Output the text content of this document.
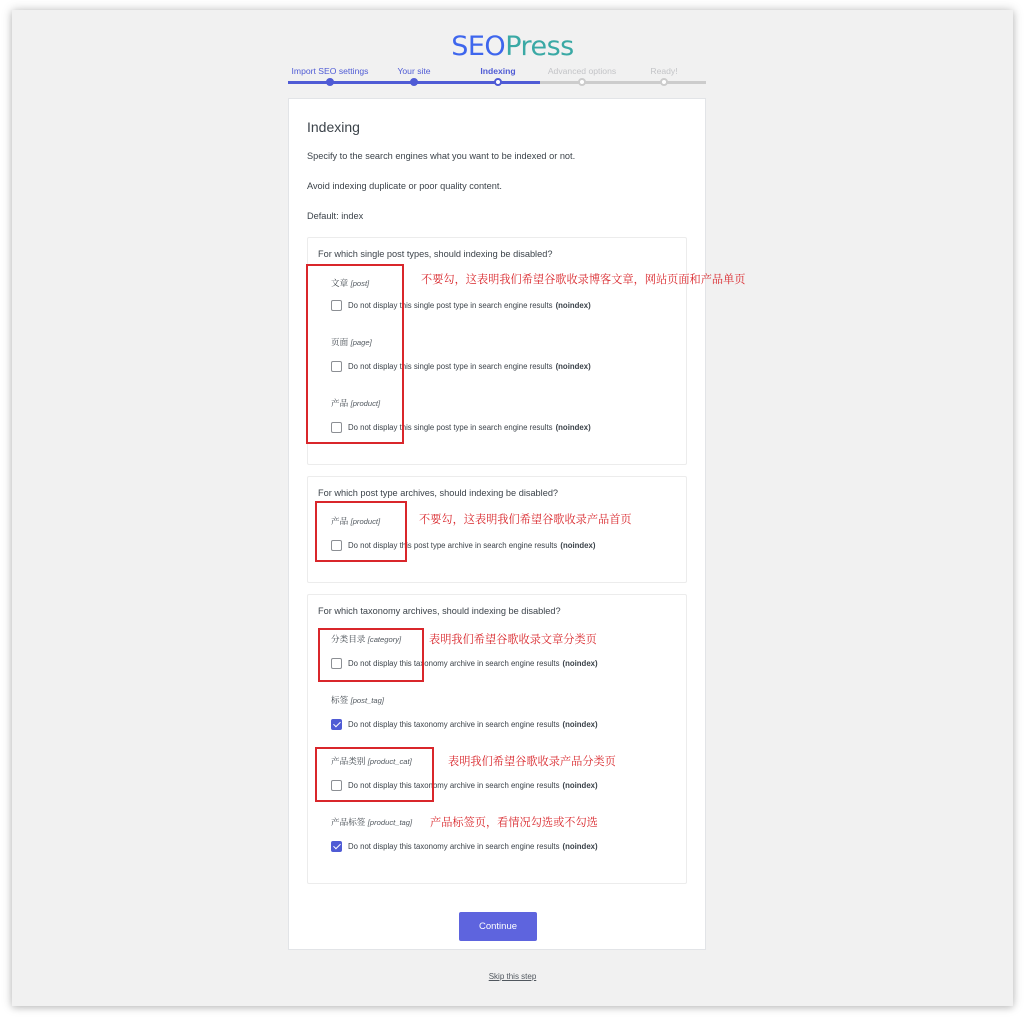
SEOPress
Import SEO settings	Your site	Indexing	Advanced options	Ready!
Indexing

Specify to the search engines what you want to be indexed or not.

Avoid indexing duplicate or poor quality content.

Default: index

For which single post types, should indexing be disabled?
文章 [post]
Do not display this single post type in search engine results (noindex)
页面 [page]
Do not display this single post type in search engine results (noindex)
产品 [product]
Do not display this single post type in search engine results (noindex)
For which post type archives, should indexing be disabled?
产品 [product]
Do not display this post type archive in search engine results (noindex)
For which taxonomy archives, should indexing be disabled?
分类目录 [category]
Do not display this taxonomy archive in search engine results (noindex)
标签 [post_tag]
Do not display this taxonomy archive in search engine results (noindex)
产品类别 [product_cat]
Do not display this taxonomy archive in search engine results (noindex)
产品标签 [product_tag]
Do not display this taxonomy archive in search engine results (noindex)
Continue
Skip this step
不要勾，这表明我们希望谷歌收录博客文章，网站页面和产品单页
不要勾，这表明我们希望谷歌收录产品首页
表明我们希望谷歌收录文章分类页
表明我们希望谷歌收录产品分类页
产品标签页，看情况勾选或不勾选
